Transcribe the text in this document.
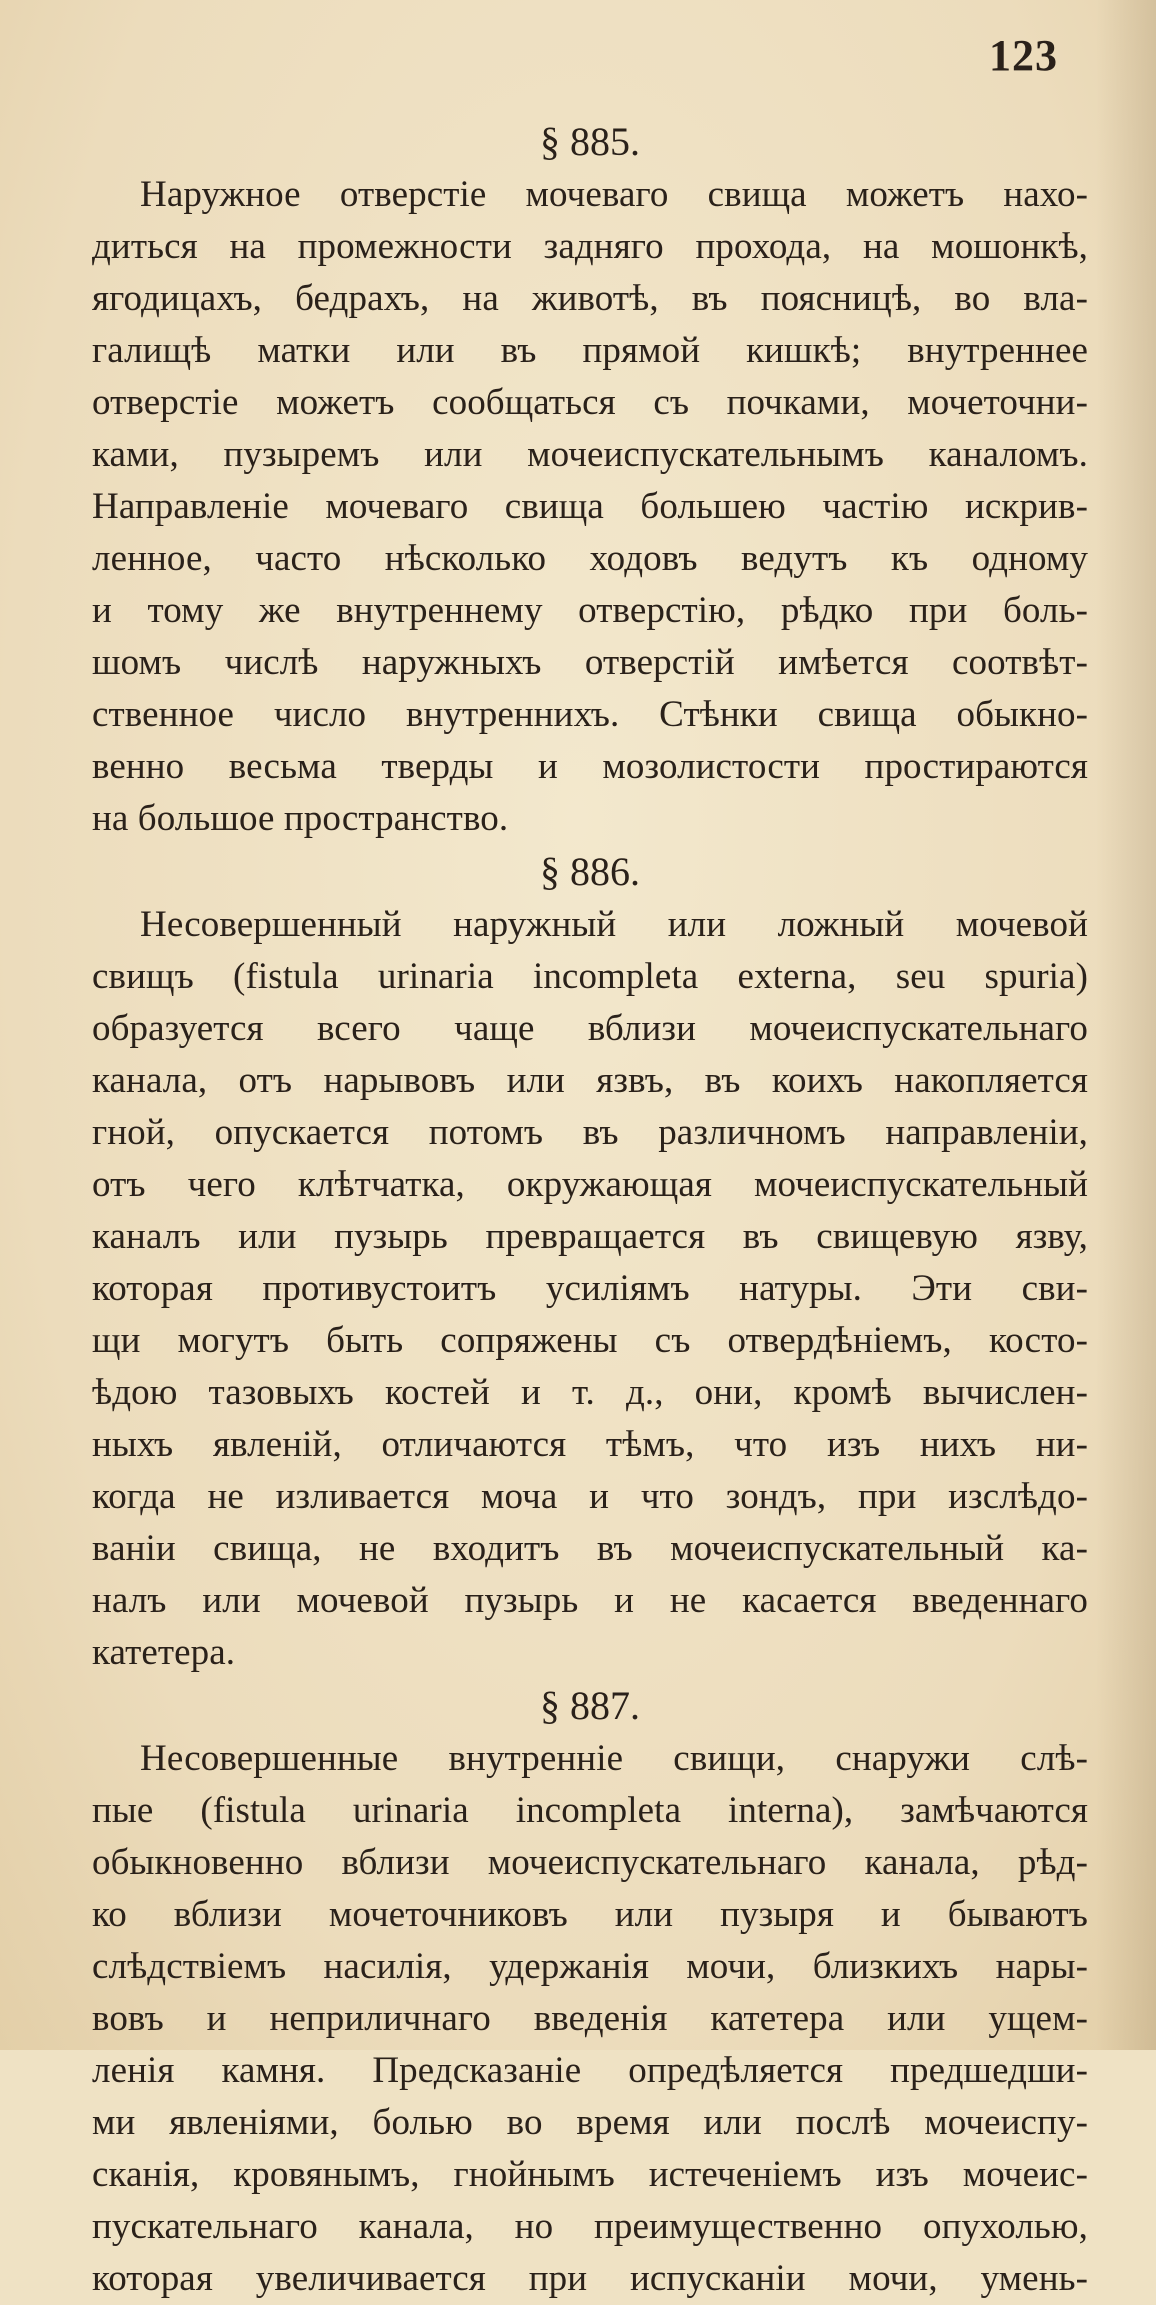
123
§ 885.
Наружное отверстіе мочеваго свища можетъ нахо-
диться на промежности задняго прохода, на мошонкѣ,
ягодицахъ, бедрахъ, на животѣ, въ поясницѣ, во вла-
галищѣ матки или въ прямой кишкѣ; внутреннее
отверстіе можетъ сообщаться съ почками, мочеточни-
ками, пузыремъ или мочеиспускательнымъ каналомъ.
Направленіе мочеваго свища большею частію искрив-
ленное, часто нѣсколько ходовъ ведутъ къ одному
и тому же внутреннему отверстію, рѣдко при боль-
шомъ числѣ наружныхъ отверстій имѣется соотвѣт-
ственное число внутреннихъ. Стѣнки свища обыкно-
венно весьма тверды и мозолистости простираются
на большое пространство.
§ 886.
Несовершенный наружный или ложный мочевой
свищъ (fistula urinaria incompleta externa, seu spuria)
образуется всего чаще вблизи мочеиспускательнаго
канала, отъ нарывовъ или язвъ, въ коихъ накопляется
гной, опускается потомъ въ различномъ направленіи,
отъ чего клѣтчатка, окружающая мочеиспускательный
каналъ или пузырь превращается въ свищевую язву,
которая противустоитъ усиліямъ натуры. Эти сви-
щи могутъ быть сопряжены съ отвердѣніемъ, косто-
ѣдою тазовыхъ костей и т. д., они, кромѣ вычислен-
ныхъ явленій, отличаются тѣмъ, что изъ нихъ ни-
когда не изливается моча и что зондъ, при изслѣдо-
ваніи свища, не входитъ въ мочеиспускательный ка-
налъ или мочевой пузырь и не касается введеннаго
катетера.
§ 887.
Несовершенные внутренніе свищи, снаружи слѣ-
пые (fistula urinaria incompleta interna), замѣчаются
обыкновенно вблизи мочеиспускательнаго канала, рѣд-
ко вблизи мочеточниковъ или пузыря и бываютъ
слѣдствіемъ насилія, удержанія мочи, близкихъ нары-
вовъ и неприличнаго введенія катетера или ущем-
ленія камня. Предсказаніе опредѣляется предшедши-
ми явленіями, болью во время или послѣ мочеиспу-
сканія, кровянымъ, гнойнымъ истеченіемъ изъ мочеис-
пускательнаго канала, но преимущественно опухолью,
которая увеличивается при испусканіи мочи, умень-
